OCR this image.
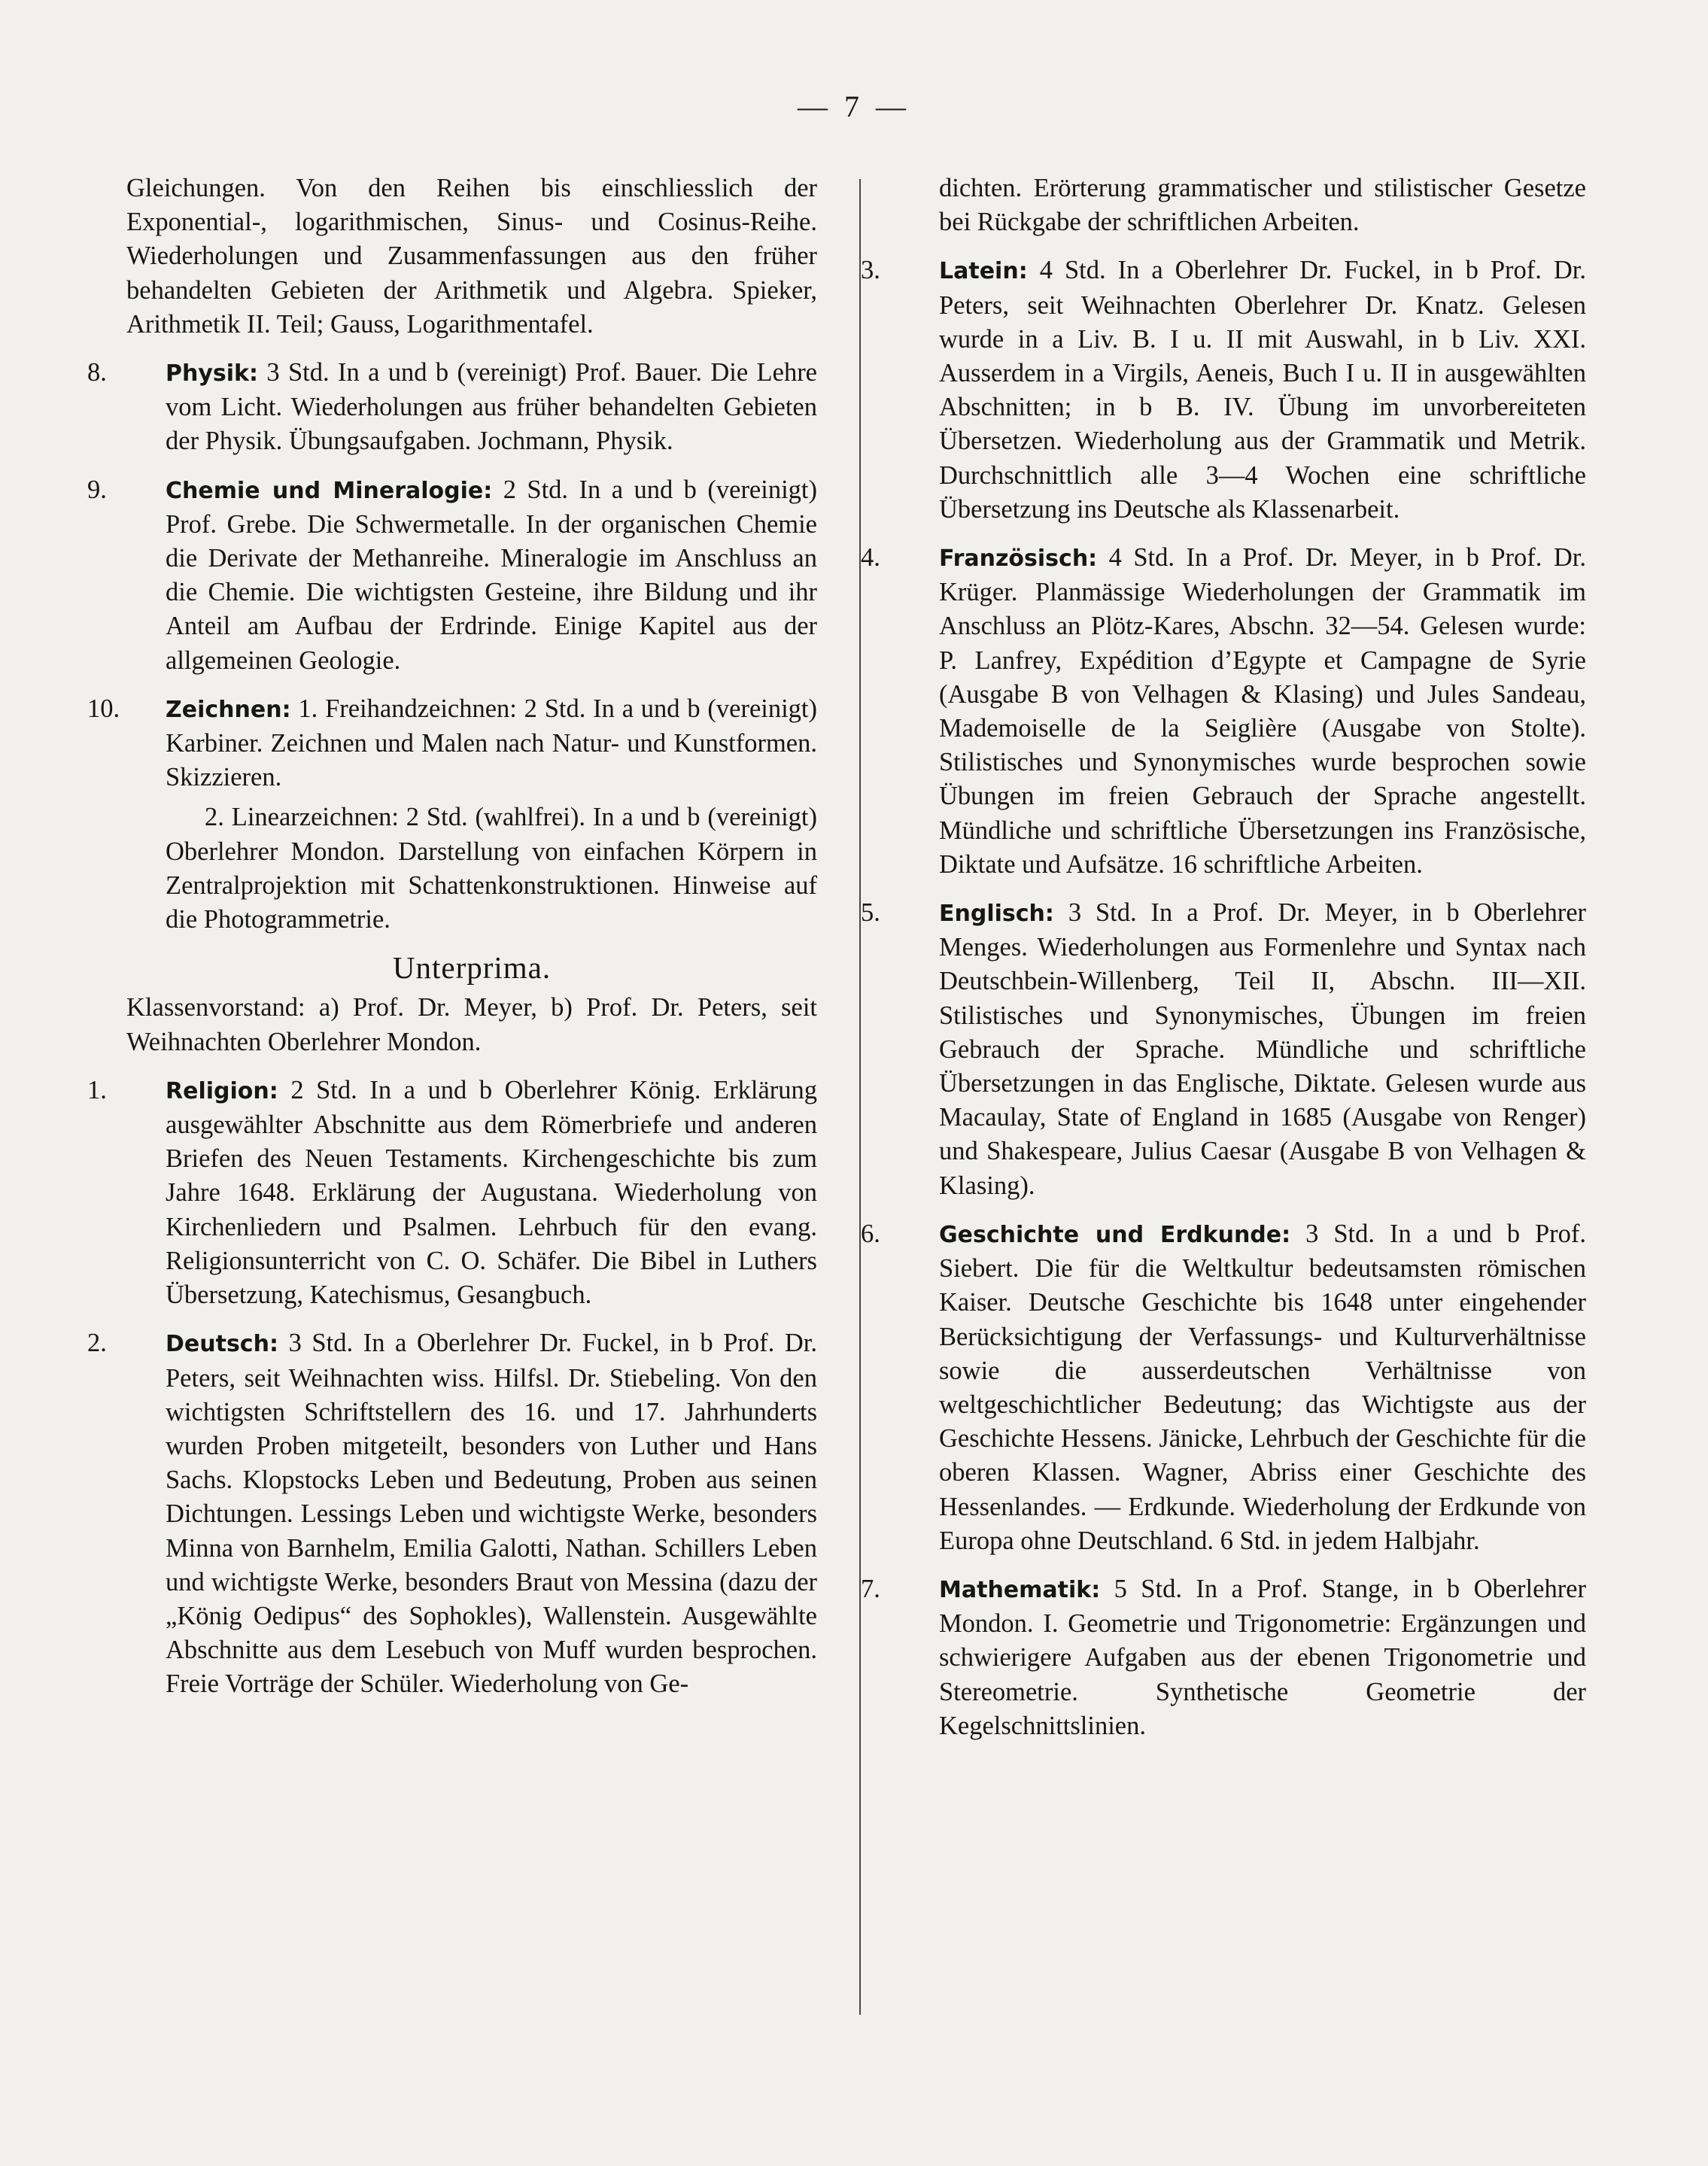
— 7 —

Gleichungen. Von den Reihen bis einschliesslich der Exponential-, logarithmischen, Sinus- und Cosinus-Reihe. Wiederholungen und Zusammenfassungen aus den früher behandelten Gebieten der Arithmetik und Algebra. Spieker, Arithmetik II. Teil; Gauss, Logarithmentafel.

8.	Physik: 3 Std. In a und b (vereinigt) Prof. Bauer. Die Lehre vom Licht. Wiederholungen aus früher behandelten Gebieten der Physik. Übungsaufgaben. Jochmann, Physik.

9.	Chemie und Mineralogie: 2 Std. In a und b (vereinigt) Prof. Grebe. Die Schwermetalle. In der organischen Chemie die Derivate der Methanreihe. Mineralogie im Anschluss an die Chemie. Die wichtigsten Gesteine, ihre Bildung und ihr Anteil am Aufbau der Erdrinde. Einige Kapitel aus der allgemeinen Geologie.

10. Zeichnen: 1. Freihandzeichnen: 2 Std. In a und b (vereinigt) Karbiner. Zeichnen und Malen nach Natur- und Kunstformen. Skizzieren.

2. Linearzeichnen: 2 Std. (wahlfrei). In a und b (vereinigt) Oberlehrer Mondon. Darstellung von einfachen Körpern in Zentralprojektion mit Schattenkonstruktionen. Hinweise auf die Photogrammetrie.

Unterprima.

Klassenvorstand: a) Prof. Dr. Meyer, b) Prof. Dr. Peters, seit Weihnachten Oberlehrer Mondon.

1.	Religion: 2 Std. In a und b Oberlehrer König. Erklärung ausgewählter Abschnitte aus dem Römerbriefe und anderen Briefen des Neuen Testaments. Kirchengeschichte bis zum Jahre 1648. Erklärung der Augustana. Wiederholung von Kirchenliedern und Psalmen. Lehrbuch für den evang. Religionsunterricht von C. O. Schäfer. Die Bibel in Luthers Übersetzung, Katechismus, Gesangbuch.

2.	Deutsch: 3 Std. In a Oberlehrer Dr. Fuckel, in b Prof. Dr. Peters, seit Weihnachten wiss. Hilfsl. Dr. Stiebeling. Von den wichtigsten Schriftstellern des 16. und 17. Jahrhunderts wurden Proben mitgeteilt, besonders von Luther und Hans Sachs. Klopstocks Leben und Bedeutung, Proben aus seinen Dichtungen. Lessings Leben und wichtigste Werke, besonders Minna von Barnhelm, Emilia Galotti, Nathan. Schillers Leben und wichtigste Werke, besonders Braut von Messina (dazu der „König Oedipus“ des Sophokles), Wallenstein. Ausgewählte Abschnitte aus dem Lesebuch von Muff wurden besprochen. Freie Vorträge der Schüler. Wiederholung von Ge-

dichten. Erörterung grammatischer und stilistischer Gesetze bei Rückgabe der schriftlichen Arbeiten.

3.	Latein: 4 Std. In a Oberlehrer Dr. Fuckel, in b Prof. Dr. Peters, seit Weihnachten Oberlehrer Dr. Knatz. Gelesen wurde in a Liv. B. I u. II mit Auswahl, in b Liv. XXI. Ausserdem in a Virgils, Aeneis, Buch I u. II in ausgewählten Abschnitten; in b B. IV. Übung im unvorbereiteten Übersetzen. Wiederholung aus der Grammatik und Metrik. Durchschnittlich alle 3—4 Wochen eine schriftliche Übersetzung ins Deutsche als Klassenarbeit.

4.	Französisch: 4 Std. In a Prof. Dr. Meyer, in b Prof. Dr. Krüger. Planmässige Wiederholungen der Grammatik im Anschluss an Plötz-Kares, Abschn. 32—54. Gelesen wurde: P. Lanfrey, Expédition d’Egypte et Campagne de Syrie (Ausgabe B von Velhagen & Klasing) und Jules Sandeau, Mademoiselle de la Seiglière (Ausgabe von Stolte). Stilistisches und Synonymisches wurde besprochen sowie Übungen im freien Gebrauch der Sprache angestellt. Mündliche und schriftliche Übersetzungen ins Französische, Diktate und Aufsätze. 16 schriftliche Arbeiten.

5.	Englisch: 3 Std. In a Prof. Dr. Meyer, in b Oberlehrer Menges. Wiederholungen aus Formenlehre und Syntax nach Deutschbein-Willenberg, Teil II, Abschn. III—XII. Stilistisches und Synonymisches, Übungen im freien Gebrauch der Sprache. Mündliche und schriftliche Übersetzungen in das Englische, Diktate. Gelesen wurde aus Macaulay, State of England in 1685 (Ausgabe von Renger) und Shakespeare, Julius Caesar (Ausgabe B von Velhagen & Klasing).

6.	Geschichte und Erdkunde: 3 Std. In a und b Prof. Siebert. Die für die Weltkultur bedeutsamsten römischen Kaiser. Deutsche Geschichte bis 1648 unter eingehender Berücksichtigung der Verfassungs- und Kulturverhältnisse sowie die ausserdeutschen Verhältnisse von weltgeschichtlicher Bedeutung; das Wichtigste aus der Geschichte Hessens. Jänicke, Lehrbuch der Geschichte für die oberen Klassen. Wagner, Abriss einer Geschichte des Hessenlandes. — Erdkunde. Wiederholung der Erdkunde von Europa ohne Deutschland. 6 Std. in jedem Halbjahr.

7.	Mathematik: 5 Std. In a Prof. Stange, in b Oberlehrer Mondon. I. Geometrie und Trigonometrie: Ergänzungen und schwierigere Aufgaben aus der ebenen Trigonometrie und Stereometrie. Synthetische Geometrie der Kegelschnittslinien.
